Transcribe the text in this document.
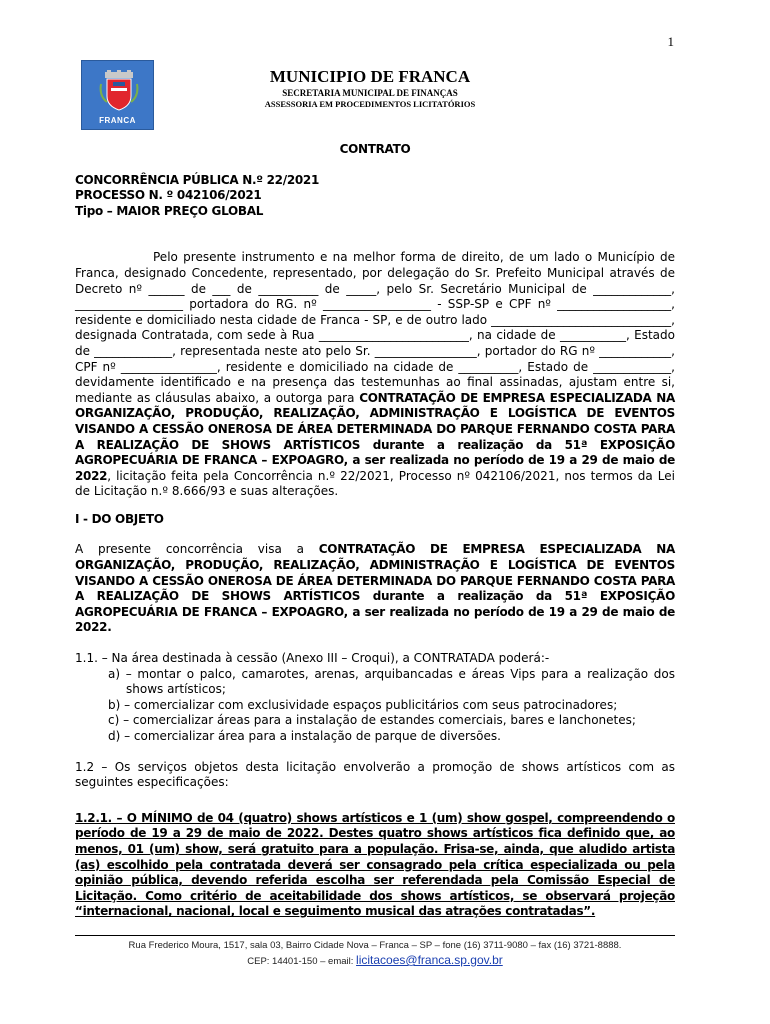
1
FRANCA
MUNICIPIO DE FRANCA
SECRETARIA MUNICIPAL DE FINANÇAS
ASSESSORIA EM PROCEDIMENTOS LICITATÓRIOS
CONTRATO
CONCORRÊNCIA PÚBLICA N.º 22/2021
PROCESSO N. º 042106/2021
Tipo – MAIOR PREÇO GLOBAL

Pelo presente instrumento e na melhor forma de direito, de um lado o Município de Franca, designado Concedente, representado, por delegação do Sr. Prefeito Municipal através de Decreto nº ______ de ___ de __________ de _____, pelo Sr. Secretário Municipal de _____________, __________________ portadora do RG. nº __________________ - SSP-SP e CPF nº ___________________, residente e domiciliado nesta cidade de Franca - SP, e de outro lado ______________________________, designada Contratada, com sede à Rua _________________________, na cidade de ___________, Estado de _____________, representada neste ato pelo Sr. _________________, portador do RG nº ____________, CPF nº ________________, residente e domiciliado na cidade de __________, Estado de _____________, devidamente identificado e na presença das testemunhas ao final assinadas, ajustam entre si, mediante as cláusulas abaixo, a outorga para CONTRATAÇÃO DE EMPRESA ESPECIALIZADA NA ORGANIZAÇÃO, PRODUÇÃO, REALIZAÇÃO, ADMINISTRAÇÃO E LOGÍSTICA DE EVENTOS VISANDO A CESSÃO ONEROSA DE ÁREA DETERMINADA DO PARQUE FERNANDO COSTA PARA A REALIZAÇÃO DE SHOWS ARTÍSTICOS durante a realização da 51ª EXPOSIÇÃO AGROPECUÁRIA DE FRANCA – EXPOAGRO, a ser realizada no período de 19 a 29 de maio de 2022, licitação feita pela Concorrência n.º 22/2021, Processo nº 042106/2021, nos termos da Lei de Licitação n.º 8.666/93 e suas alterações.

I - DO OBJETO

A presente concorrência visa a CONTRATAÇÃO DE EMPRESA ESPECIALIZADA NA ORGANIZAÇÃO, PRODUÇÃO, REALIZAÇÃO, ADMINISTRAÇÃO E LOGÍSTICA DE EVENTOS VISANDO A CESSÃO ONEROSA DE ÁREA DETERMINADA DO PARQUE FERNANDO COSTA PARA A REALIZAÇÃO DE SHOWS ARTÍSTICOS durante a realização da 51ª EXPOSIÇÃO AGROPECUÁRIA DE FRANCA – EXPOAGRO, a ser realizada no período de 19 a 29 de maio de 2022.

1.1. – Na área destinada à cessão (Anexo III – Croqui), a CONTRATADA poderá:-

a) – montar o palco, camarotes, arenas, arquibancadas e áreas Vips para a realização dos shows artísticos;
b) – comercializar com exclusividade espaços publicitários com seus patrocinadores;
c) – comercializar áreas para a instalação de estandes comerciais, bares e lanchonetes;
d) – comercializar área para a instalação de parque de diversões.

1.2 – Os serviços objetos desta licitação envolverão a promoção de shows artísticos com as seguintes especificações:

1.2.1. – O MÍNIMO de 04 (quatro) shows artísticos e 1 (um) show gospel, compreendendo o período de 19 a 29 de maio de 2022. Destes quatro shows artísticos fica definido que, ao menos, 01 (um) show, será gratuito para a população. Frisa-se, ainda, que aludido artista (as) escolhido pela contratada deverá ser consagrado pela crítica especializada ou pela opinião pública, devendo referida escolha ser referendada pela Comissão Especial de Licitação. Como critério de aceitabilidade dos shows artísticos, se observará projeção “internacional, nacional, local e seguimento musical das atrações contratadas”.

Rua Frederico Moura, 1517, sala 03, Bairro Cidade Nova – Franca – SP – fone (16) 3711-9080 – fax (16) 3721-8888.
CEP: 14401-150 – email: licitacoes@franca.sp.gov.br
